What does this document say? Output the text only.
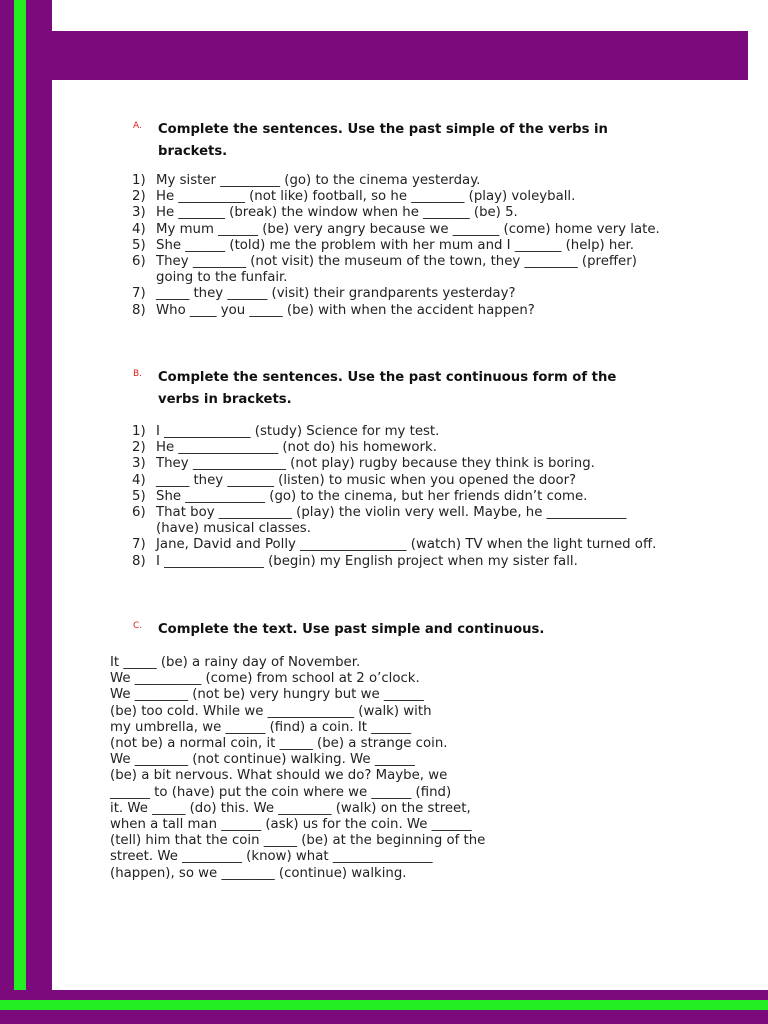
A. Complete the sentences. Use the past simple of the verbs in brackets.
1) My sister _________ (go) to the cinema yesterday.
2) He __________ (not like) football, so he ________ (play) voleyball.
3) He _______ (break) the window when he _______ (be) 5.
4) My mum ______ (be) very angry because we _______ (come) home very late.
5) She ______ (told) me the problem with her mum and I _______ (help) her.
6) They ________ (not visit) the museum of the town, they ________ (preffer) going to the funfair.
7) _____ they ______ (visit) their grandparents yesterday?
8) Who ____ you _____ (be) with when the accident happen?
B. Complete the sentences. Use the past continuous form of the verbs in brackets.
1) I _____________ (study) Science for my test.
2) He _______________ (not do) his homework.
3) They ______________ (not play) rugby because they think is boring.
4) _____ they _______ (listen) to music when you opened the door?
5) She ____________ (go) to the cinema, but her friends didn’t come.
6) That boy ___________ (play) the violin very well. Maybe, he ____________ (have) musical classes.
7) Jane, David and Polly ________________ (watch) TV when the light turned off.
8) I _______________ (begin) my English project when my sister fall.
C. Complete the text. Use past simple and continuous.
It _____ (be) a rainy day of November.
We __________ (come) from school at 2 o’clock.
We ________ (not be) very hungry but we ______
(be) too cold. While we _____________ (walk) with
my umbrella, we ______ (find) a coin. It ______
(not be) a normal coin, it _____ (be) a strange coin.
We ________ (not continue) walking. We ______
(be) a bit nervous. What should we do? Maybe, we
______ to (have) put the coin where we ______ (find)
it. We _____ (do) this. We ________ (walk) on the street,
when a tall man ______ (ask) us for the coin. We ______
(tell) him that the coin _____ (be) at the beginning of the
street. We _________ (know) what _______________
(happen), so we ________ (continue) walking.
